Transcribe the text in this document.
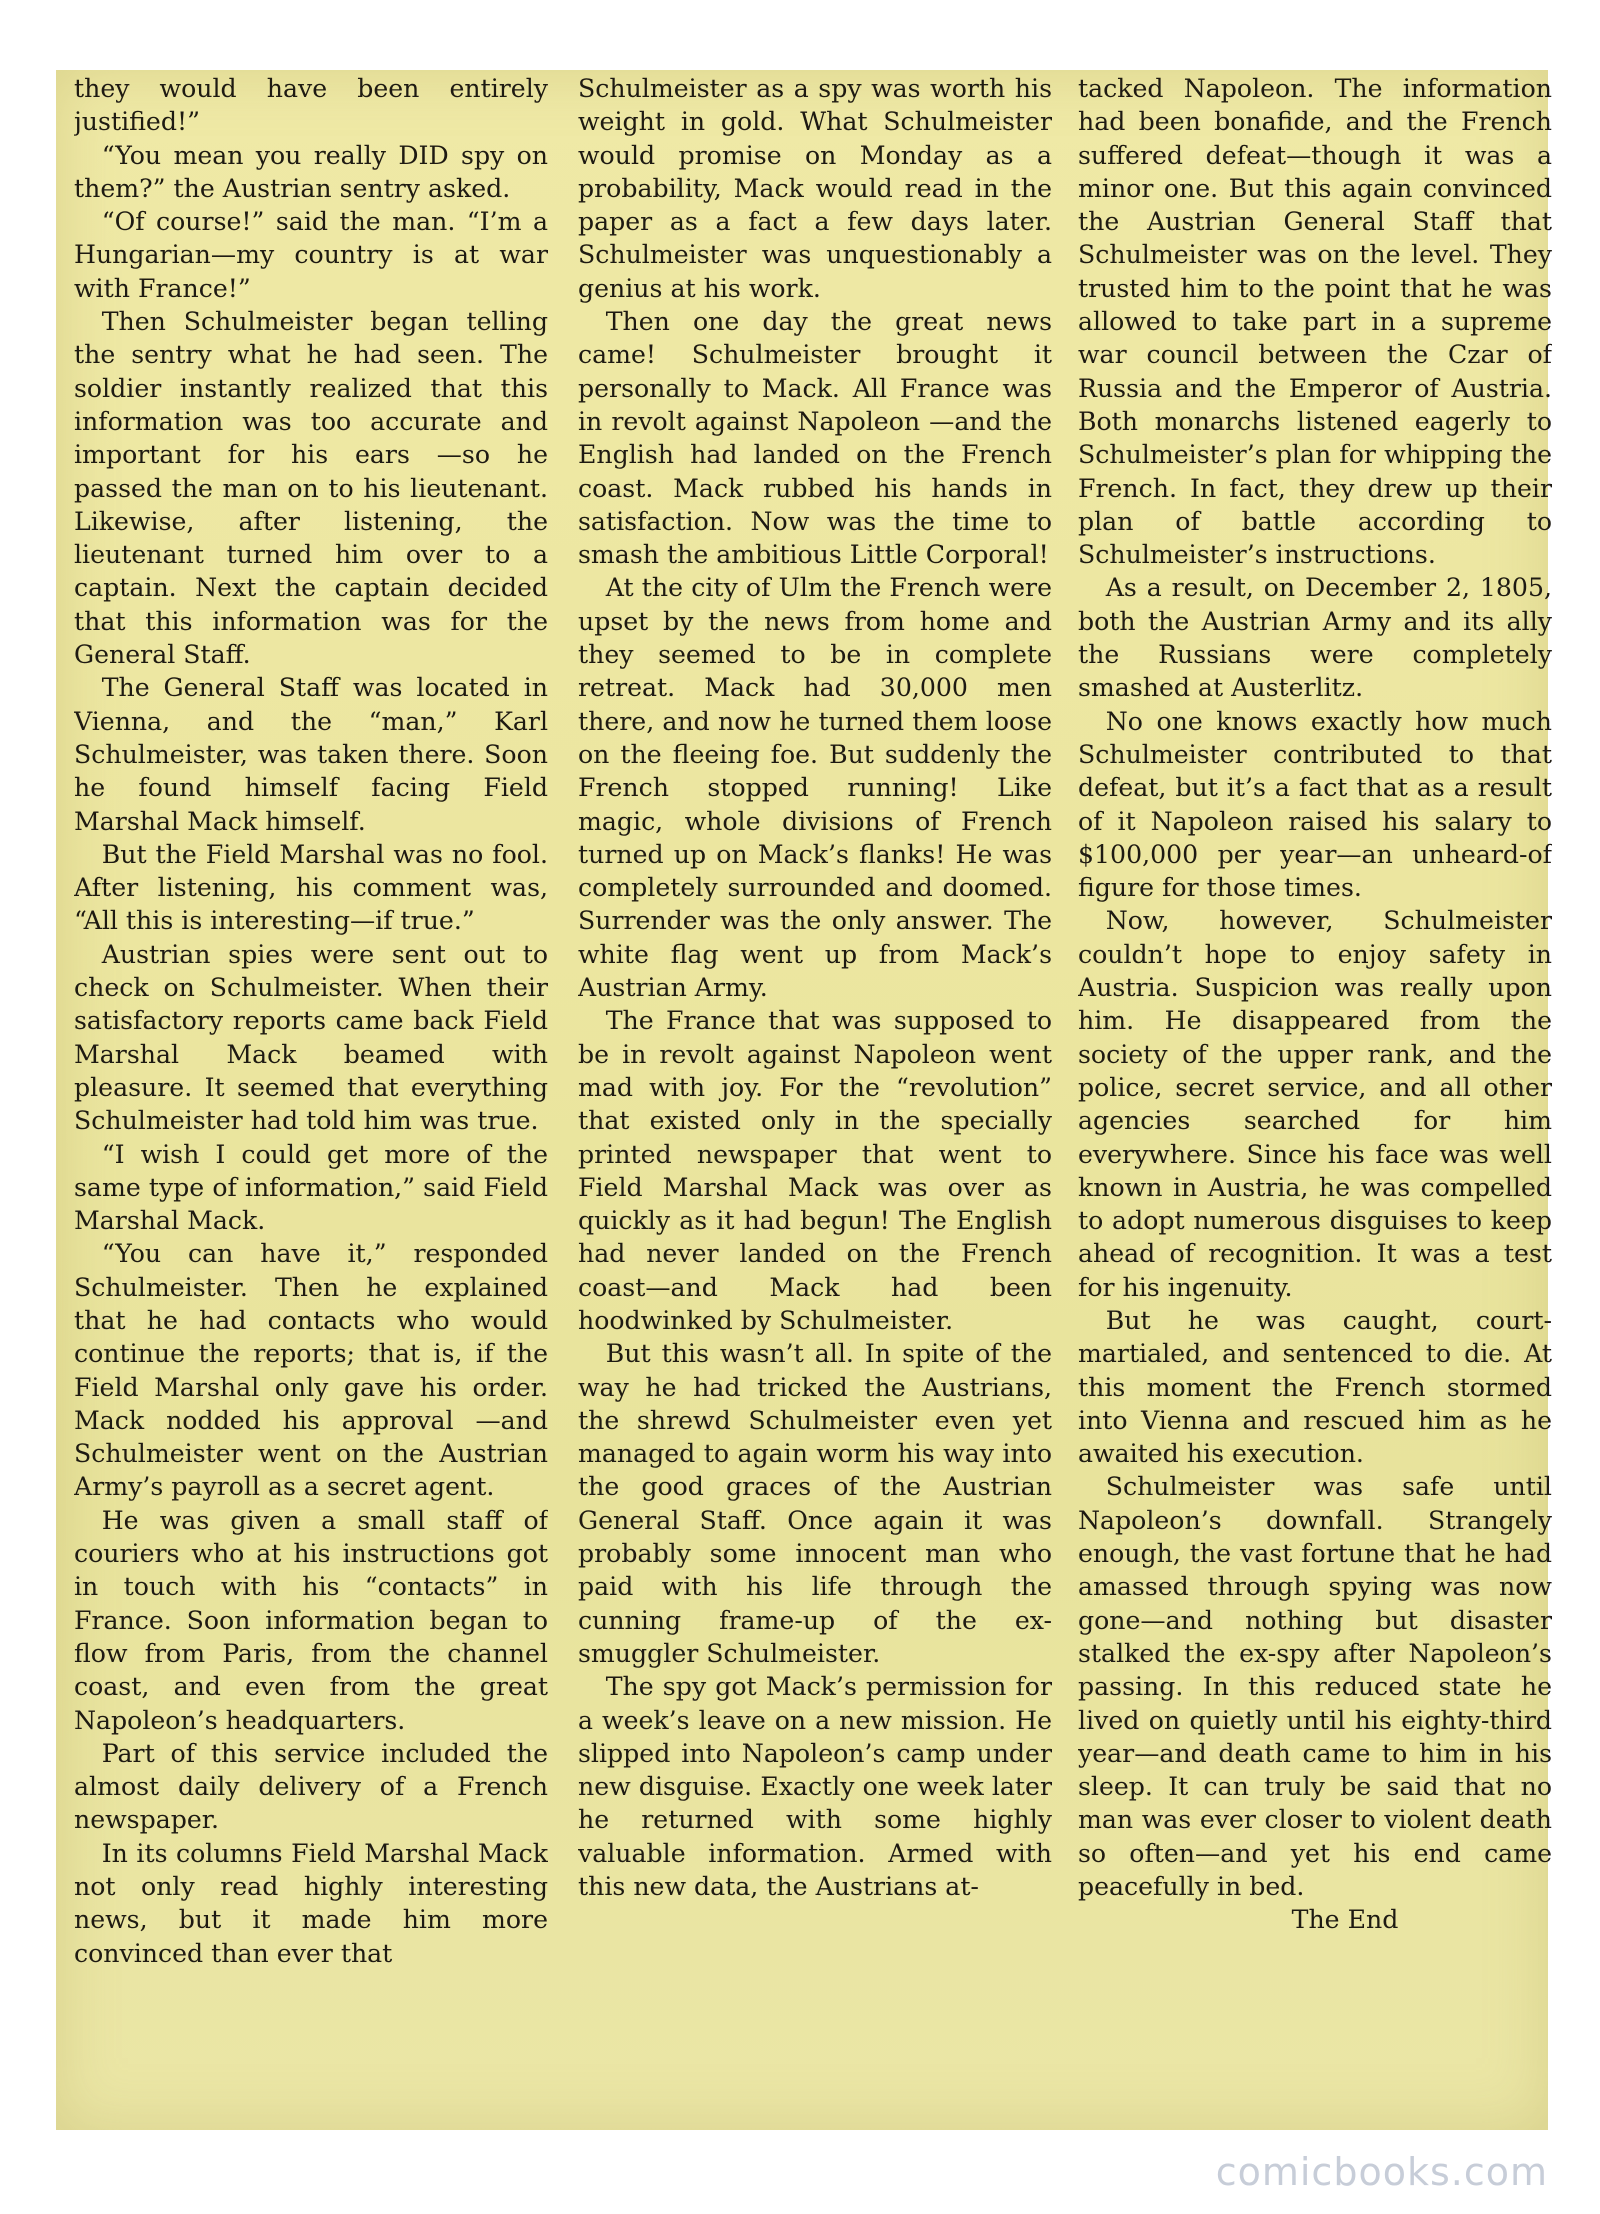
they would have been entirely justified!”

“You mean you really DID spy on them?” the Austrian sentry asked.

“Of course!” said the man. “I’m a Hungarian—my country is at war with France!”

Then Schulmeister began telling the sentry what he had seen. The soldier instantly realized that this information was too accurate and important for his ears —so he passed the man on to his lieutenant. Likewise, after listening, the lieutenant turned him over to a captain. Next the captain decided that this information was for the General Staff.

The General Staff was located in Vienna, and the “man,” Karl Schulmeister, was taken there. Soon he found himself facing Field Marshal Mack himself.

But the Field Marshal was no fool. After listening, his comment was, “All this is interesting—if true.”

Austrian spies were sent out to check on Schulmeister. When their satisfactory reports came back Field Marshal Mack beamed with pleasure. It seemed that everything Schulmeister had told him was true.

“I wish I could get more of the same type of information,” said Field Marshal Mack.

“You can have it,” responded Schulmeister. Then he explained that he had contacts who would continue the reports; that is, if the Field Marshal only gave his order. Mack nodded his approval —and Schulmeister went on the Austrian Army’s payroll as a secret agent.

He was given a small staff of couriers who at his instructions got in touch with his “contacts” in France. Soon information began to flow from Paris, from the channel coast, and even from the great Napoleon’s headquarters.

Part of this service included the almost daily delivery of a French newspaper.

In its columns Field Marshal Mack not only read highly interesting news, but it made him more convinced than ever that

Schulmeister as a spy was worth his weight in gold. What Schulmeister would promise on Monday as a probability, Mack would read in the paper as a fact a few days later. Schulmeister was unquestionably a genius at his work.

Then one day the great news came! Schulmeister brought it personally to Mack. All France was in revolt against Napoleon —and the English had landed on the French coast. Mack rubbed his hands in satisfaction. Now was the time to smash the ambitious Little Corporal!

At the city of Ulm the French were upset by the news from home and they seemed to be in complete retreat. Mack had 30,000 men there, and now he turned them loose on the fleeing foe. But suddenly the French stopped running! Like magic, whole divisions of French turned up on Mack’s flanks! He was completely surrounded and doomed. Surrender was the only answer. The white flag went up from Mack’s Austrian Army.

The France that was supposed to be in revolt against Napoleon went mad with joy. For the “revolution” that existed only in the specially printed newspaper that went to Field Marshal Mack was over as quickly as it had begun! The English had never landed on the French coast—and Mack had been hoodwinked by Schulmeister.

But this wasn’t all. In spite of the way he had tricked the Austrians, the shrewd Schulmeister even yet managed to again worm his way into the good graces of the Austrian General Staff. Once again it was probably some innocent man who paid with his life through the cunning frame-up of the ex-smuggler Schulmeister.

The spy got Mack’s permission for a week’s leave on a new mission. He slipped into Napoleon’s camp under new disguise. Exactly one week later he returned with some highly valuable information. Armed with this new data, the Austrians at-

tacked Napoleon. The information had been bonafide, and the French suffered defeat—though it was a minor one. But this again convinced the Austrian General Staff that Schulmeister was on the level. They trusted him to the point that he was allowed to take part in a supreme war council between the Czar of Russia and the Emperor of Austria. Both monarchs listened eagerly to Schulmeister’s plan for whipping the French. In fact, they drew up their plan of battle according to Schulmeister’s instructions.

As a result, on December 2, 1805, both the Austrian Army and its ally the Russians were completely smashed at Austerlitz.

No one knows exactly how much Schulmeister contributed to that defeat, but it’s a fact that as a result of it Napoleon raised his salary to $100,000 per year—an unheard-of figure for those times.

Now, however, Schulmeister couldn’t hope to enjoy safety in Austria. Suspicion was really upon him. He disappeared from the society of the upper rank, and the police, secret service, and all other agencies searched for him everywhere. Since his face was well known in Austria, he was compelled to adopt numerous disguises to keep ahead of recognition. It was a test for his ingenuity.

But he was caught, court-martialed, and sentenced to die. At this moment the French stormed into Vienna and rescued him as he awaited his execution.

Schulmeister was safe until Napoleon’s downfall. Strangely enough, the vast fortune that he had amassed through spying was now gone—and nothing but disaster stalked the ex-spy after Napoleon’s passing. In this reduced state he lived on quietly until his eighty-third year—and death came to him in his sleep. It can truly be said that no man was ever closer to violent death so often—and yet his end came peacefully in bed.

The End

comicbooks.com
